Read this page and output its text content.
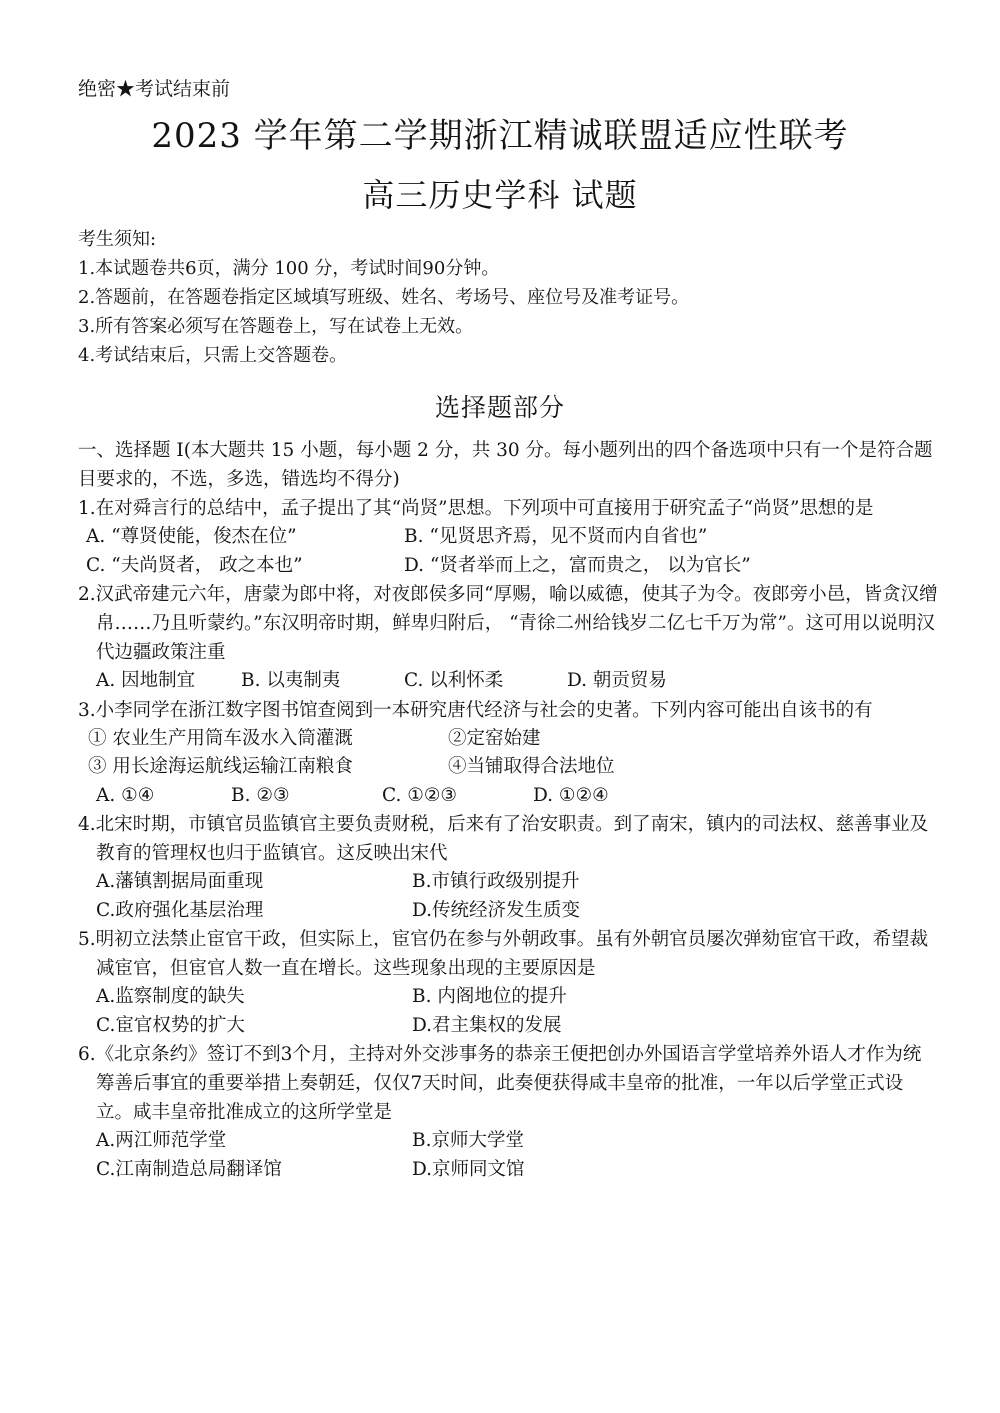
绝密★考试结束前
2023 学年第二学期浙江精诚联盟适应性联考
高三历史学科 试题
考生须知:
1.本试题卷共6页，满分 100 分，考试时间90分钟。
2.答题前，在答题卷指定区域填写班级、姓名、考场号、座位号及准考证号。
3.所有答案必须写在答题卷上，写在试卷上无效。
4.考试结束后，只需上交答题卷。
选择题部分

一、选择题 I(本大题共 15 小题，每小题 2 分，共 30 分。每小题列出的四个备选项中只有一个是符合题目要求的，不选，多选，错选均不得分)

1.在对舜言行的总结中，孟子提出了其“尚贤”思想。下列项中可直接用于研究孟子“尚贤”思想的是

A. “尊贤使能，俊杰在位”	B. “见贤思齐焉，见不贤而内自省也”
C. “夫尚贤者， 政之本也”	D. “贤者举而上之，富而贵之， 以为官长”

2.汉武帝建元六年，唐蒙为郎中将，对夜郎侯多同“厚赐，喻以威德，使其子为令。夜郎旁小邑，皆贪汉缯帛……乃且听蒙约。”东汉明帝时期，鲜卑归附后， “青徐二州给钱岁二亿七千万为常”。这可用以说明汉代边疆政策注重

A. 因地制宜	B. 以夷制夷	C. 以利怀柔	D. 朝贡贸易

3.小李同学在浙江数字图书馆查阅到一本研究唐代经济与社会的史著。下列内容可能出自该书的有

① 农业生产用筒车汲水入筒灌溉	②定窑始建
③ 用长途海运航线运输江南粮食	④当铺取得合法地位
A. ①④	B. ②③	C. ①②③	D. ①②④

4.北宋时期，市镇官员监镇官主要负责财税，后来有了治安职责。到了南宋，镇内的司法权、慈善事业及教育的管理权也归于监镇官。这反映出宋代

A.藩镇割据局面重现	B.市镇行政级别提升
C.政府强化基层治理	D.传统经济发生质变

5.明初立法禁止宦官干政，但实际上，宦官仍在参与外朝政事。虽有外朝官员屡次弹劾宦官干政，希望裁减宦官，但宦官人数一直在增长。这些现象出现的主要原因是

A.监察制度的缺失	B. 内阁地位的提升
C.宦官权势的扩大	D.君主集权的发展

6.《北京条约》签订不到3个月，主持对外交涉事务的恭亲王便把创办外国语言学堂培养外语人才作为统筹善后事宜的重要举措上奏朝廷，仅仅7天时间，此奏便获得咸丰皇帝的批准，一年以后学堂正式设立。咸丰皇帝批准成立的这所学堂是

A.两江师范学堂	B.京师大学堂
C.江南制造总局翻译馆	D.京师同文馆
